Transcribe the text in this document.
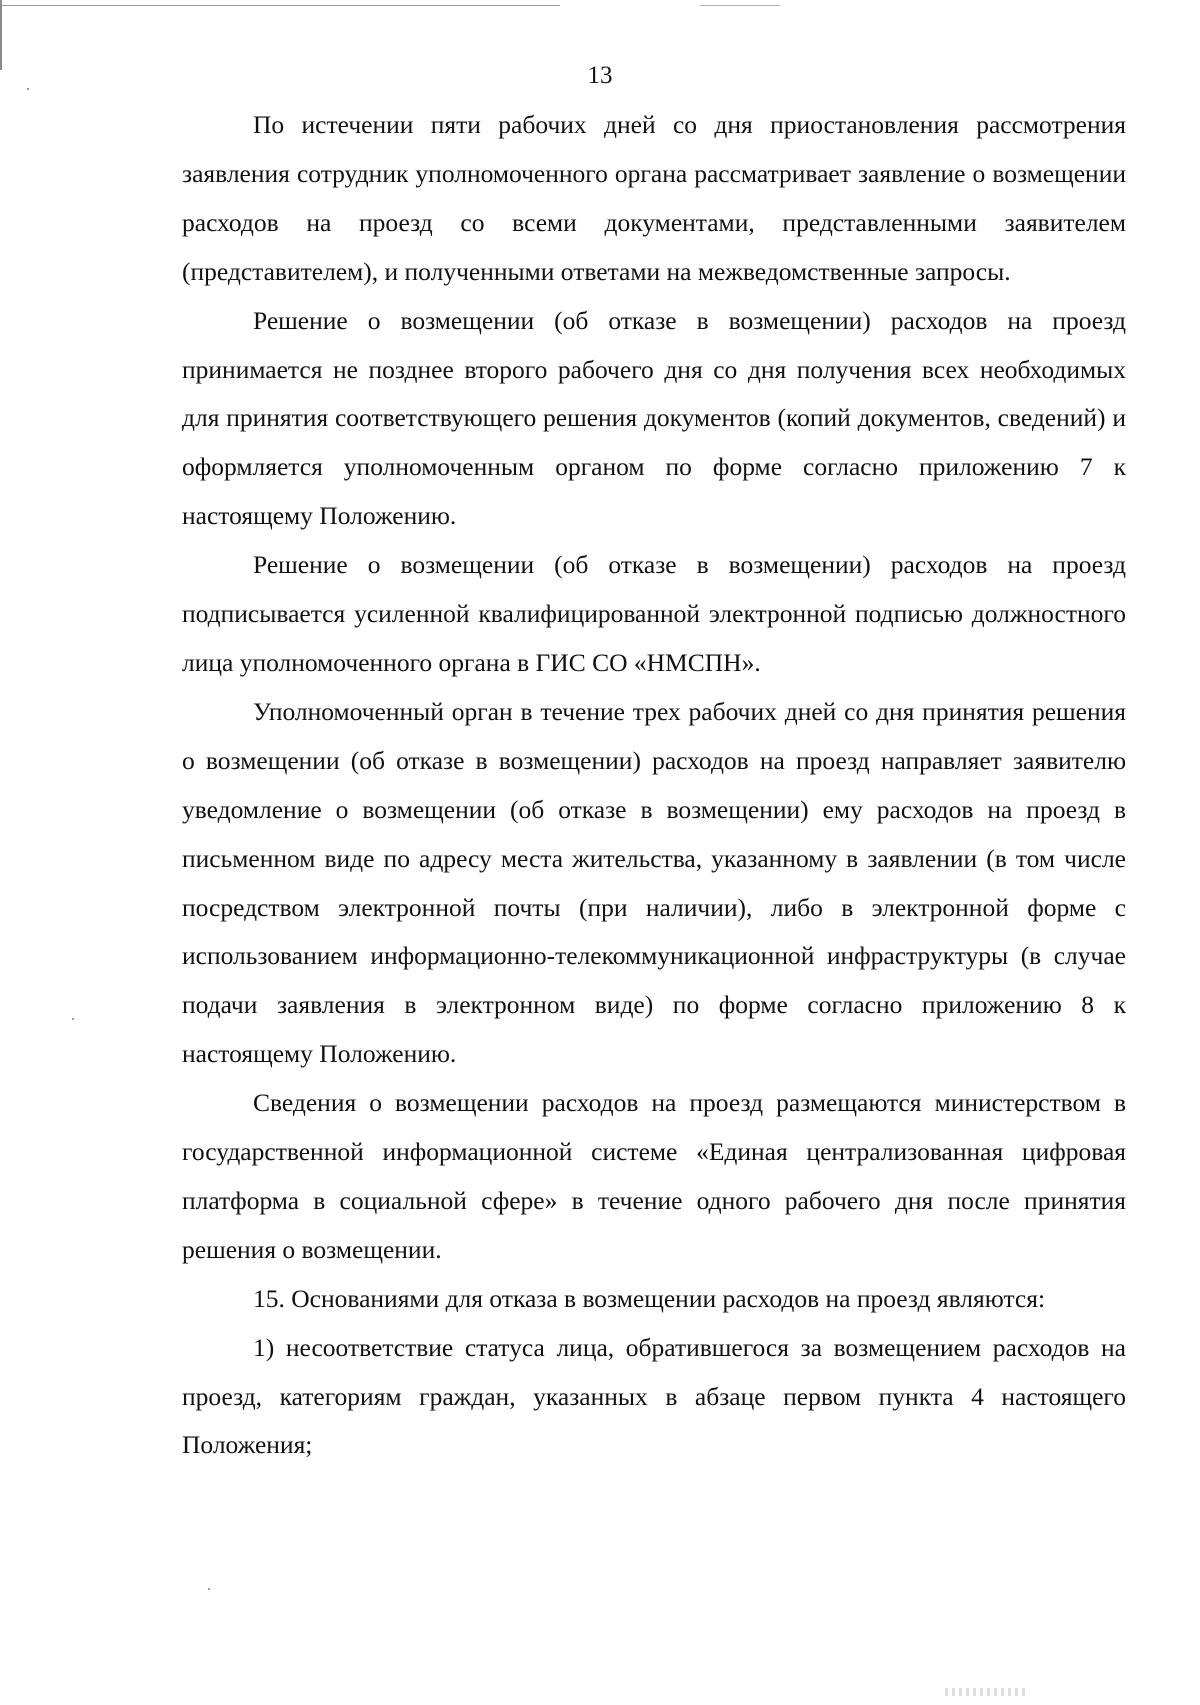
13

По истечении пяти рабочих дней со дня приостановления рассмотрения заявления сотрудник уполномоченного органа рассматривает заявление о возмещении расходов на проезд со всеми документами, представленными заявителем (представителем), и полученными ответами на межведомственные запросы.

Решение о возмещении (об отказе в возмещении) расходов на проезд принимается не позднее второго рабочего дня со дня получения всех необходимых для принятия соответствующего решения документов (копий документов, сведений) и оформляется уполномоченным органом по форме согласно приложению 7 к настоящему Положению.

Решение о возмещении (об отказе в возмещении) расходов на проезд подписывается усиленной квалифицированной электронной подписью должностного лица уполномоченного органа в ГИС СО «НМСПН».

Уполномоченный орган в течение трех рабочих дней со дня принятия решения о возмещении (об отказе в возмещении) расходов на проезд направляет заявителю уведомление о возмещении (об отказе в возмещении) ему расходов на проезд в письменном виде по адресу места жительства, указанному в заявлении (в том числе посредством электронной почты (при наличии), либо в электронной форме с использованием информационно-телекоммуникационной инфраструктуры (в случае подачи заявления в электронном виде) по форме согласно приложению 8 к настоящему Положению.

Сведения о возмещении расходов на проезд размещаются министерством в государственной информационной системе «Единая централизованная цифровая платформа в социальной сфере» в течение одного рабочего дня после принятия решения о возмещении.

15. Основаниями для отказа в возмещении расходов на проезд являются:

1) несоответствие статуса лица, обратившегося за возмещением расходов на проезд, категориям граждан, указанных в абзаце первом пункта 4 настоящего Положения;
